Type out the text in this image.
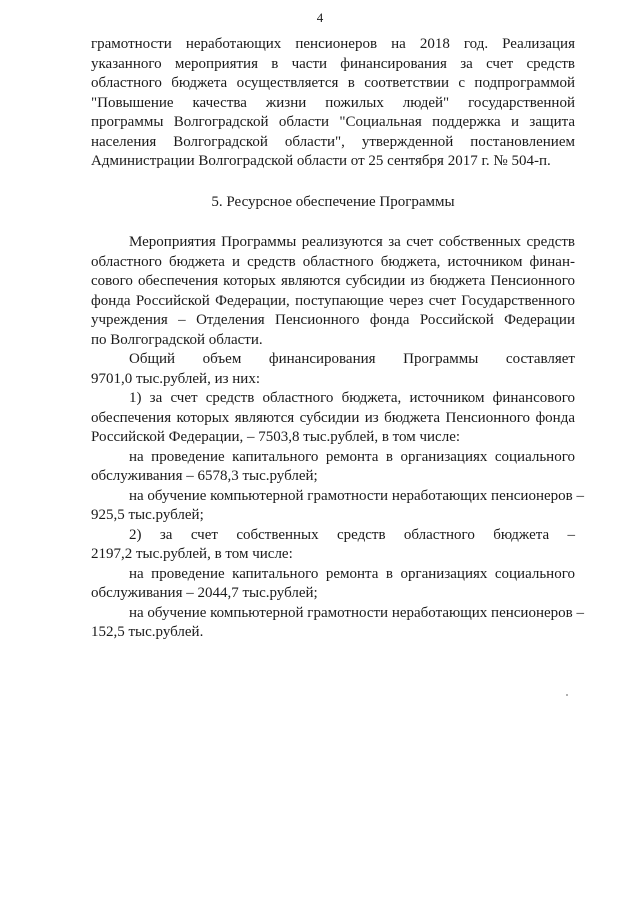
4
грамотности неработающих пенсионеров на 2018 год. Реализация
указанного мероприятия в части финансирования за счет средств
областного бюджета осуществляется в соответствии с подпрограммой
"Повышение качества жизни пожилых людей" государственной
программы Волгоградской области "Социальная поддержка и защита
населения Волгоградской области", утвержденной постановлением
Администрации Волгоградской области от 25 сентября 2017 г. № 504-п.
5. Ресурсное обеспечение Программы
Мероприятия Программы реализуются за счет собственных средств
областного бюджета и средств областного бюджета, источником финан-
сового обеспечения которых являются субсидии из бюджета Пенсионного
фонда Российской Федерации, поступающие через счет Государственного
учреждения – Отделения Пенсионного фонда Российской Федерации
по Волгоградской области.
Общий объем финансирования Программы составляет
9701,0 тыс.рублей, из них:
1) за счет средств областного бюджета, источником финансового
обеспечения которых являются субсидии из бюджета Пенсионного фонда
Российской Федерации, – 7503,8 тыс.рублей, в том числе:
на проведение капитального ремонта в организациях социального
обслуживания – 6578,3 тыс.рублей;
на обучение компьютерной грамотности неработающих пенсионеров –
925,5 тыс.рублей;
2) за счет собственных средств областного бюджета –
2197,2 тыс.рублей, в том числе:
на проведение капитального ремонта в организациях социального
обслуживания – 2044,7 тыс.рублей;
на обучение компьютерной грамотности неработающих пенсионеров –
152,5 тыс.рублей.
